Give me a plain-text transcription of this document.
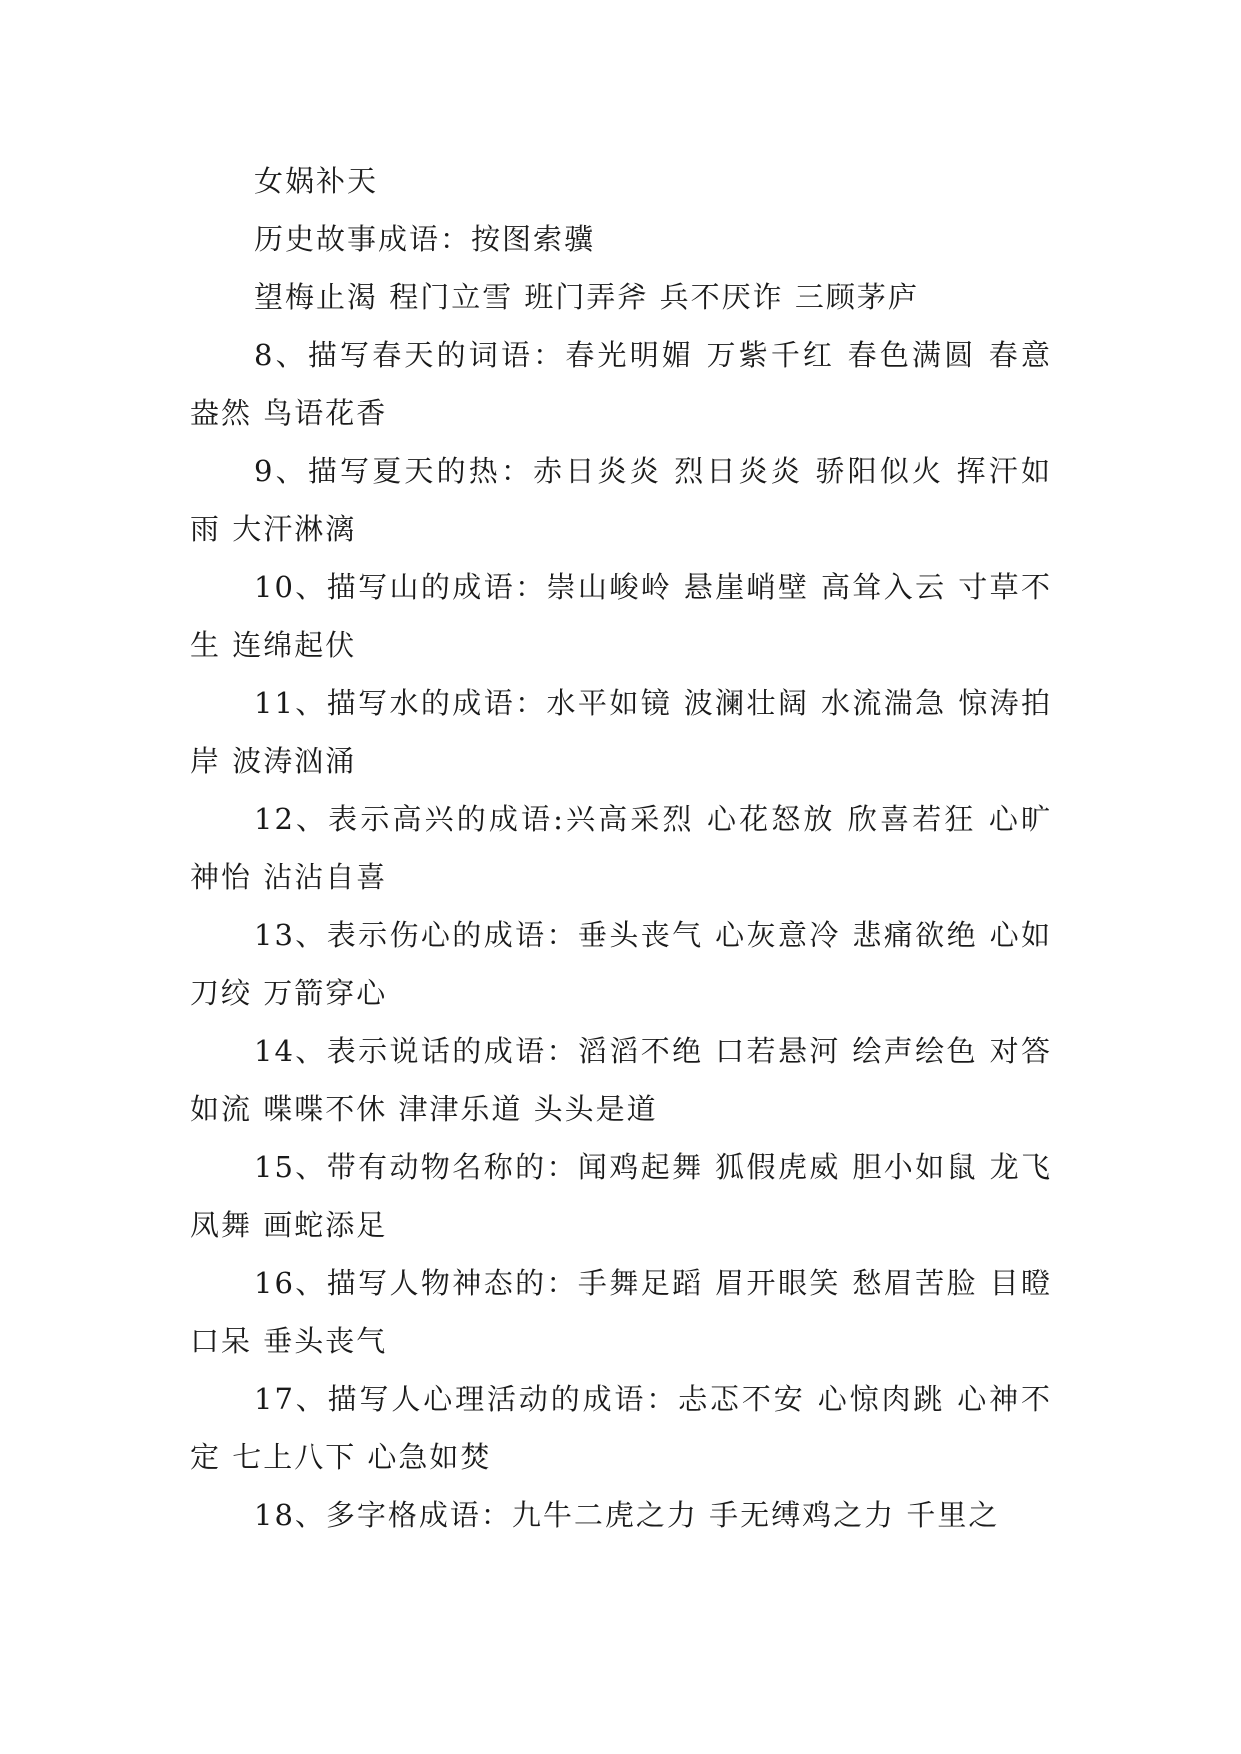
女娲补天

历史故事成语：按图索骥

望梅止渴 程门立雪 班门弄斧 兵不厌诈 三顾茅庐

8、描写春天的词语：春光明媚 万紫千红 春色满圆 春意盎然 鸟语花香

9、描写夏天的热：赤日炎炎 烈日炎炎 骄阳似火 挥汗如雨 大汗淋漓

10、描写山的成语：崇山峻岭 悬崖峭壁 高耸入云 寸草不生 连绵起伏

11、描写水的成语：水平如镜 波澜壮阔 水流湍急 惊涛拍岸 波涛汹涌

12、表示高兴的成语:兴高采烈 心花怒放 欣喜若狂 心旷神怡 沾沾自喜

13、表示伤心的成语：垂头丧气 心灰意冷 悲痛欲绝 心如刀绞 万箭穿心

14、表示说话的成语：滔滔不绝 口若悬河 绘声绘色 对答如流 喋喋不休 津津乐道 头头是道

15、带有动物名称的：闻鸡起舞 狐假虎威 胆小如鼠 龙飞凤舞 画蛇添足

16、描写人物神态的：手舞足蹈 眉开眼笑 愁眉苦脸 目瞪口呆 垂头丧气

17、描写人心理活动的成语：忐忑不安 心惊肉跳 心神不定 七上八下 心急如焚

18、多字格成语：九牛二虎之力 手无缚鸡之力 千里之
